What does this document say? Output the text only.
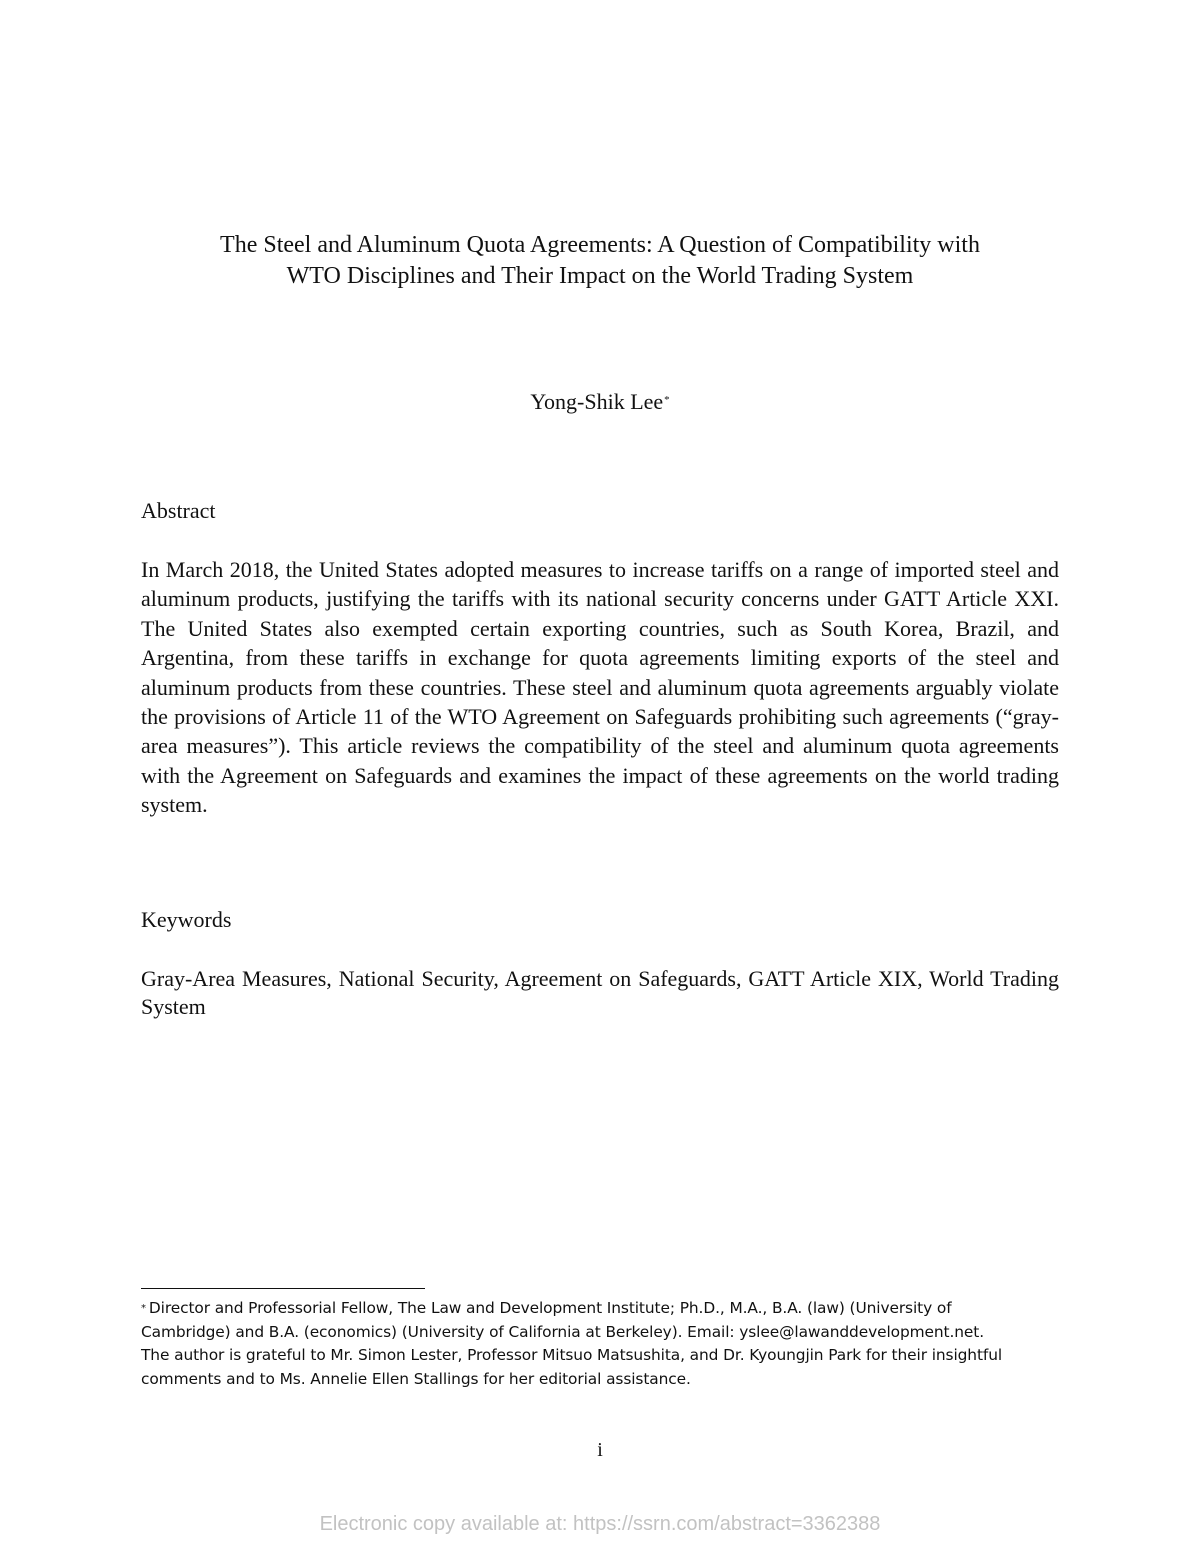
The Steel and Aluminum Quota Agreements: A Question of Compatibility with
WTO Disciplines and Their Impact on the World Trading System
Yong-Shik Lee*
Abstract
In March 2018, the United States adopted measures to increase tariffs on a range of imported steel and aluminum products, justifying the tariffs with its national security concerns under GATT Article XXI. The United States also exempted certain exporting countries, such as South Korea, Brazil, and Argentina, from these tariffs in exchange for quota agreements limiting exports of the steel and aluminum products from these countries. These steel and aluminum quota agreements arguably violate the provisions of Article 11 of the WTO Agreement on Safeguards prohibiting such agreements (“gray-area measures”). This article reviews the compatibility of the steel and aluminum quota agreements with the Agreement on Safeguards and examines the impact of these agreements on the world trading system.
Keywords
Gray-Area Measures, National Security, Agreement on Safeguards, GATT Article XIX, World Trading System
* Director and Professorial Fellow, The Law and Development Institute; Ph.D., M.A., B.A. (law) (University of
Cambridge) and B.A. (economics) (University of California at Berkeley). Email: yslee@lawanddevelopment.net.
The author is grateful to Mr. Simon Lester, Professor Mitsuo Matsushita, and Dr. Kyoungjin Park for their insightful
comments and to Ms. Annelie Ellen Stallings for her editorial assistance.
i
Electronic copy available at: https://ssrn.com/abstract=3362388
